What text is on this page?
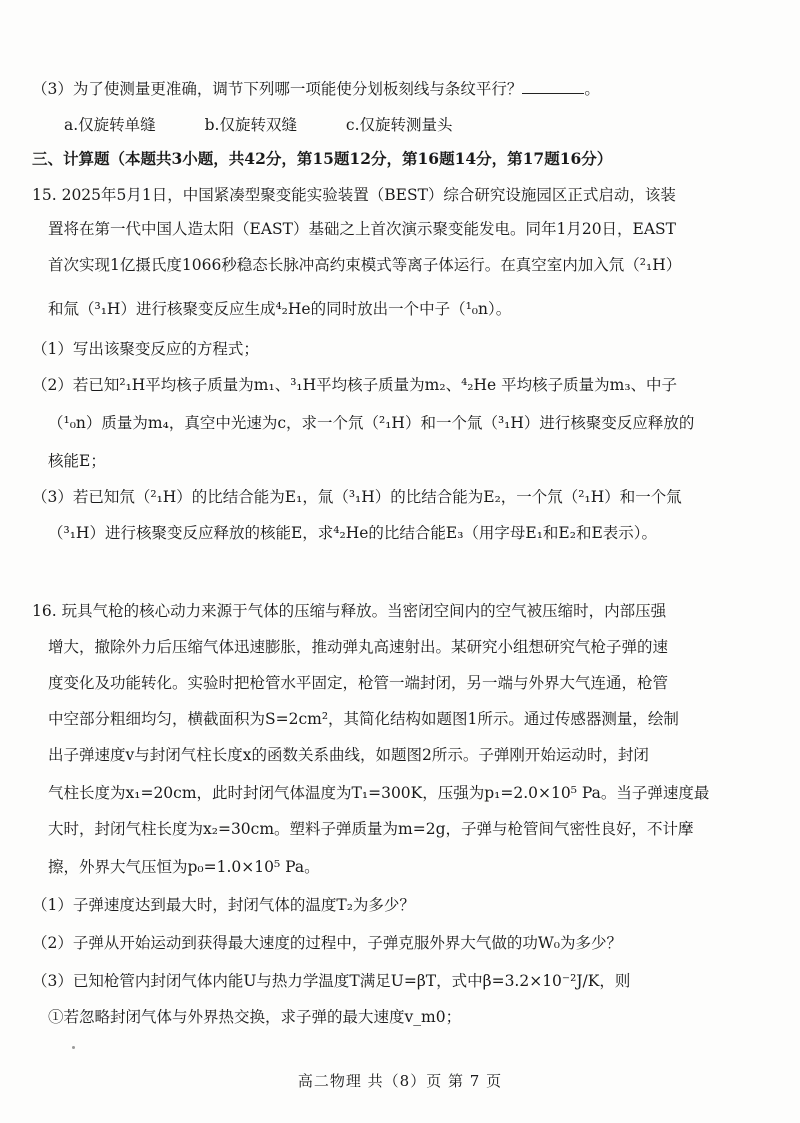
（3）为了使测量更准确，调节下列哪一项能使分划板刻线与条纹平行？	。
a.仅旋转单缝	b.仅旋转双缝	c.仅旋转测量头
三、计算题（本题共3小题，共42分，第15题12分，第16题14分，第17题16分）
15. 2025年5月1日，中国紧凑型聚变能实验装置（BEST）综合研究设施园区正式启动，该装
置将在第一代中国人造太阳（EAST）基础之上首次演示聚变能发电。同年1月20日，EAST
首次实现1亿摄氏度1066秒稳态长脉冲高约束模式等离子体运行。在真空室内加入氘（²₁H）
和氚（³₁H）进行核聚变反应生成⁴₂He的同时放出一个中子（¹₀n）。
（1）写出该聚变反应的方程式；
（2）若已知²₁H平均核子质量为m₁、³₁H平均核子质量为m₂、⁴₂He 平均核子质量为m₃、中子
（¹₀n）质量为m₄，真空中光速为c，求一个氘（²₁H）和一个氚（³₁H）进行核聚变反应释放的
核能E；
（3）若已知氘（²₁H）的比结合能为E₁，氚（³₁H）的比结合能为E₂，一个氘（²₁H）和一个氚
（³₁H）进行核聚变反应释放的核能E，求⁴₂He的比结合能E₃（用字母E₁和E₂和E表示）。
16. 玩具气枪的核心动力来源于气体的压缩与释放。当密闭空间内的空气被压缩时，内部压强
增大，撤除外力后压缩气体迅速膨胀，推动弹丸高速射出。某研究小组想研究气枪子弹的速
度变化及功能转化。实验时把枪管水平固定，枪管一端封闭，另一端与外界大气连通，枪管
中空部分粗细均匀，横截面积为S=2cm²，其简化结构如题图1所示。通过传感器测量，绘制
出子弹速度v与封闭气柱长度x的函数关系曲线，如题图2所示。子弹刚开始运动时，封闭
气柱长度为x₁=20cm，此时封闭气体温度为T₁=300K，压强为p₁=2.0×10⁵ Pa。当子弹速度最
大时，封闭气柱长度为x₂=30cm。塑料子弹质量为m=2g，子弹与枪管间气密性良好，不计摩
擦，外界大气压恒为p₀=1.0×10⁵ Pa。
（1）子弹速度达到最大时，封闭气体的温度T₂为多少？
（2）子弹从开始运动到获得最大速度的过程中，子弹克服外界大气做的功W₀为多少？
（3）已知枪管内封闭气体内能U与热力学温度T满足U=βT，式中β=3.2×10⁻²J/K，则
①若忽略封闭气体与外界热交换，求子弹的最大速度v_m0；
高二物理 共（8）页 第 7 页
